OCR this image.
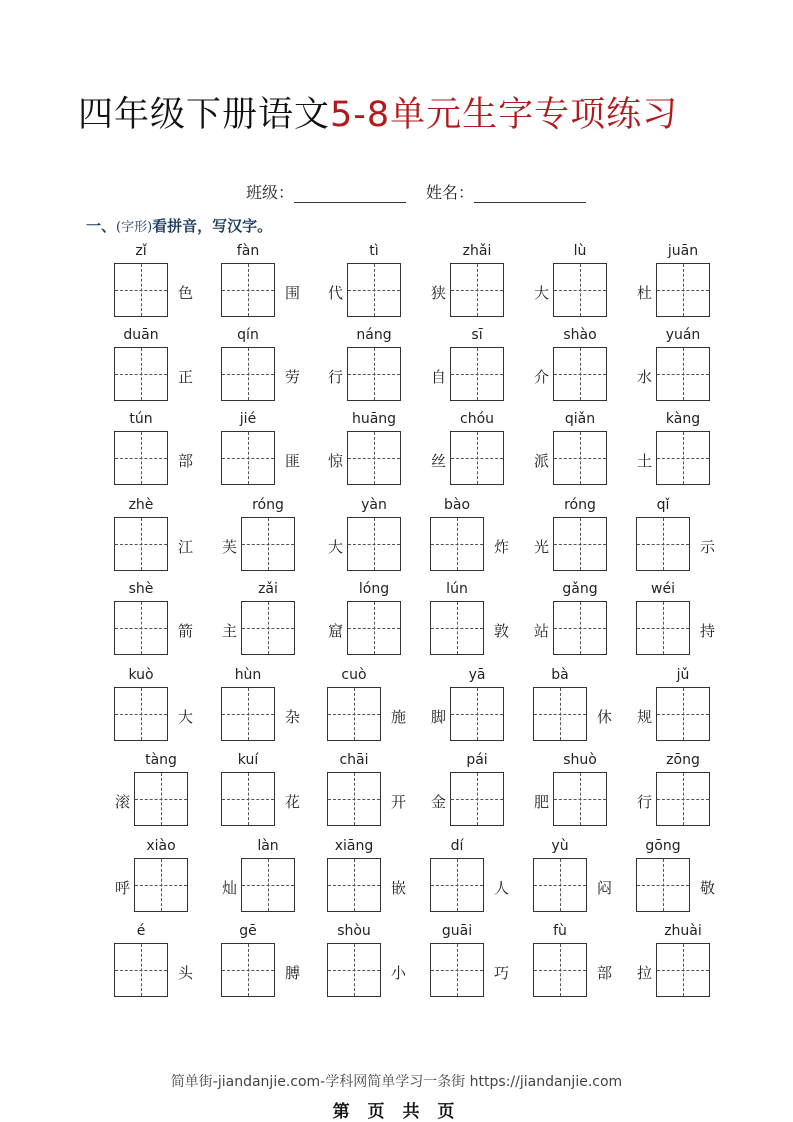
四年级下册语文5-8单元生字专项练习
班级：	姓名：
一、(字形)看拼音，写汉字。
zǐ
色
fàn
围
tì
代
zhǎi
狭
lù
大
juān
杜
duān
正
qín
劳
náng
行
sī
自
shào
介
yuán
水
tún
部
jié
匪
huāng
惊
chóu
丝
qiǎn
派
kàng
土
zhè
江
róng
芙
yàn
大
bào
炸
róng
光
qǐ
示
shè
箭
zǎi
主
lóng
窟
lún
敦
gǎng
站
wéi
持
kuò
大
hùn
杂
cuò
施
yā
脚
bà
休
jǔ
规
tàng
滚
kuí
花
chāi
开
pái
金
shuò
肥
zōng
行
xiào
呼
làn
灿
xiāng
嵌
dí
人
yù
闷
gōng
敬
é
头
gē
膊
shòu
小
guāi
巧
fù
部
zhuài
拉
简单街-jiandanjie.com-学科网简单学习一条街 https://jiandanjie.com
第 页 共 页
